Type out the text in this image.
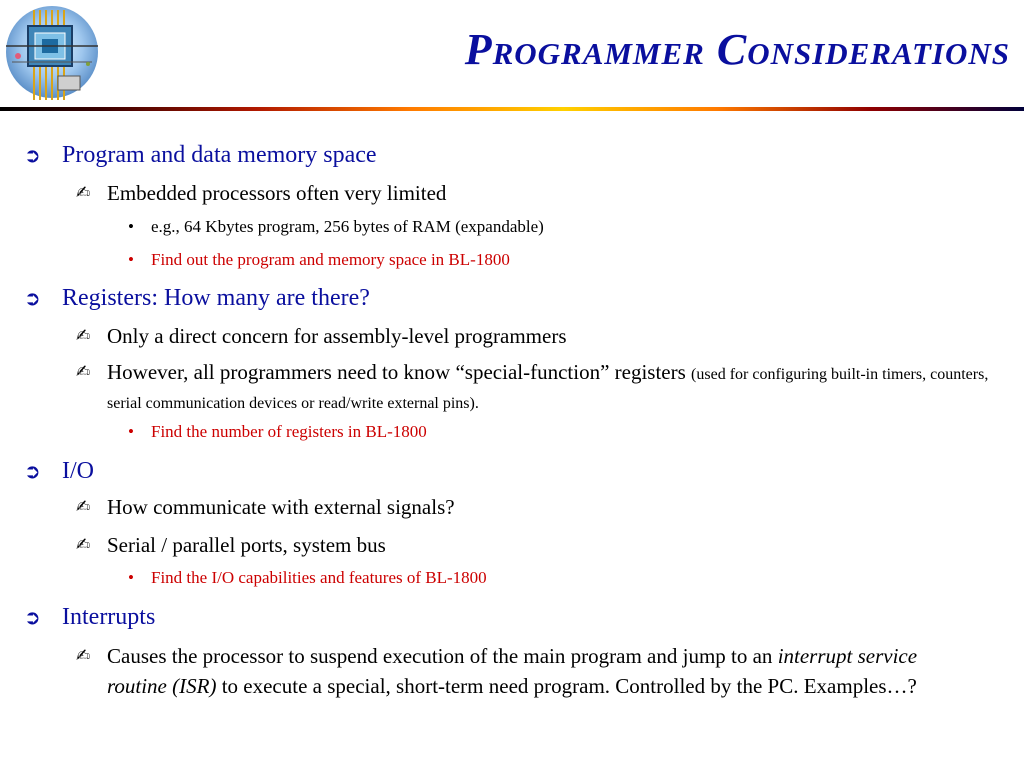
Programmer Considerations
➲ Program and data memory space
✍ Embedded processors often very limited
• e.g., 64 Kbytes program, 256 bytes of RAM (expandable)
• Find out the program and memory space in BL-1800
➲ Registers: How many are there?
✍ Only a direct concern for assembly-level programmers
✍ However, all programmers need to know “special-function” registers (used for configuring built-in timers, counters, serial communication devices or read/write external pins).
• Find the number of registers in BL-1800
➲ I/O
✍ How communicate with external signals?
✍ Serial / parallel ports, system bus
• Find the I/O capabilities and features of BL-1800
➲ Interrupts
✍ Causes the processor to suspend execution of the main program and jump to an interrupt service routine (ISR) to execute a special, short-term need program. Controlled by the PC. Examples…?
